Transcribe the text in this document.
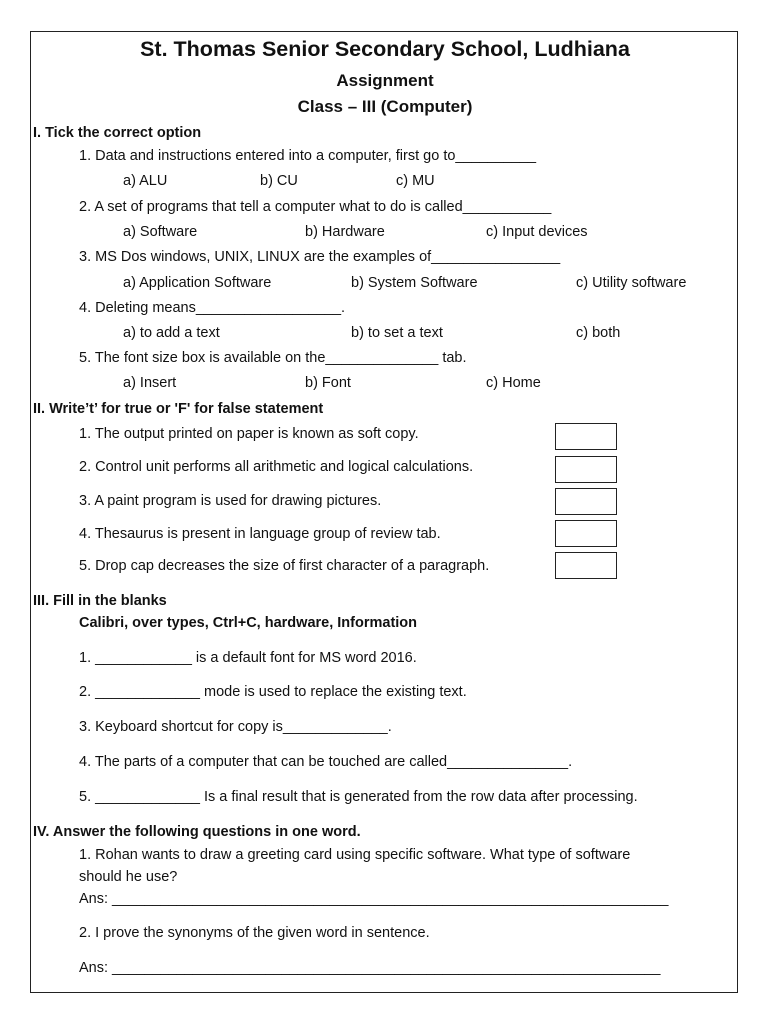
St. Thomas Senior Secondary School, Ludhiana
Assignment
Class – III (Computer)
I. Tick the correct option
1. Data and instructions entered into a computer, first go to__________
a) ALU	b) CU	c) MU
2. A set of programs that tell a computer what to do is called___________
a) Software	b) Hardware	c) Input devices
3. MS Dos windows, UNIX, LINUX are the examples of________________
a) Application Software	b) System Software	c) Utility software
4. Deleting means__________________.
a) to add a text	b) to set a text	c) both
5. The font size box is available on the______________ tab.
a) Insert	b) Font	c) Home
II. Write’t’ for true or 'F' for false statement
1. The output printed on paper is known as soft copy.
2. Control unit performs all arithmetic and logical calculations.
3. A paint program is used for drawing pictures.
4. Thesaurus is present in language group of review tab.
5. Drop cap decreases the size of first character of a paragraph.
III. Fill in the blanks
Calibri, over types, Ctrl+C, hardware, Information
1. ____________ is a default font for MS word 2016.
2. _____________ mode is used to replace the existing text.
3. Keyboard shortcut for copy is_____________.
4. The parts of a computer that can be touched are called_______________.
5. _____________ Is a final result that is generated from the row data after processing.
IV. Answer the following questions in one word.
1. Rohan wants to draw a greeting card using specific software. What type of software
should he use?
Ans: _____________________________________________________________________
2. I prove the synonyms of the given word in sentence.
Ans: ____________________________________________________________________
